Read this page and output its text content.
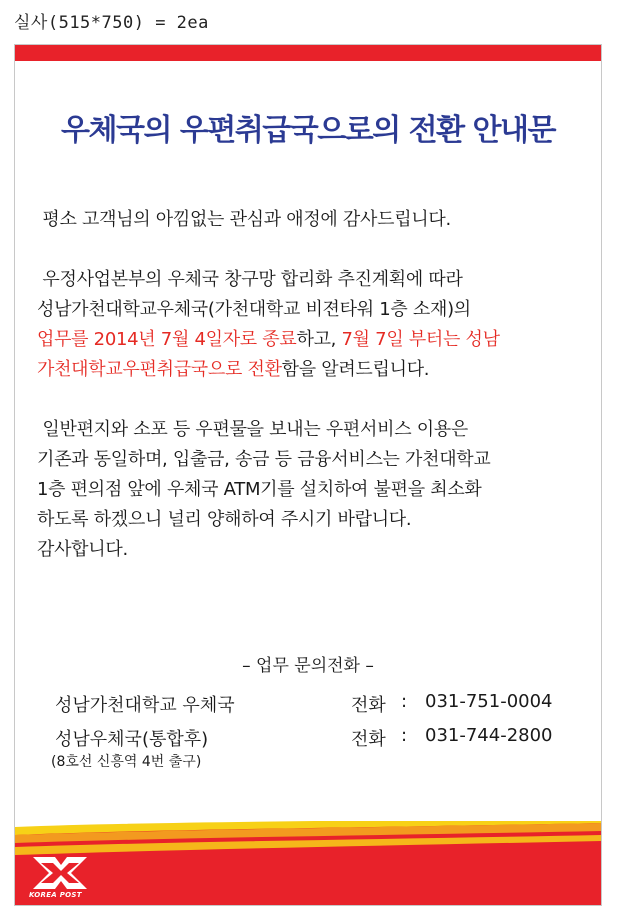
실사(515*750) = 2ea
우체국의 우편취급국으로의 전환 안내문

평소 고객님의 아낌없는 관심과 애정에 감사드립니다.

우정사업본부의 우체국 창구망 합리화 추진계획에 따라
성남가천대학교우체국(가천대학교 비젼타워 1층 소재)의
업무를 2014년 7월 4일자로 종료하고, 7월 7일 부터는 성남
가천대학교우편취급국으로 전환함을 알려드립니다.

일반편지와 소포 등 우편물을 보내는 우편서비스 이용은
기존과 동일하며, 입출금, 송금 등 금융서비스는 가천대학교
1층 편의점 앞에 우체국 ATM기를 설치하여 불편을 최소화
하도록 하겠으니 널리 양해하여 주시기 바랍니다.
감사합니다.

– 업무 문의전화 –
성남가천대학교 우체국	전화 : 031-751-0004
성남우체국(통합후)	전화 : 031-744-2800
(8호선 신흥역 4번 출구)
KOREA POST
